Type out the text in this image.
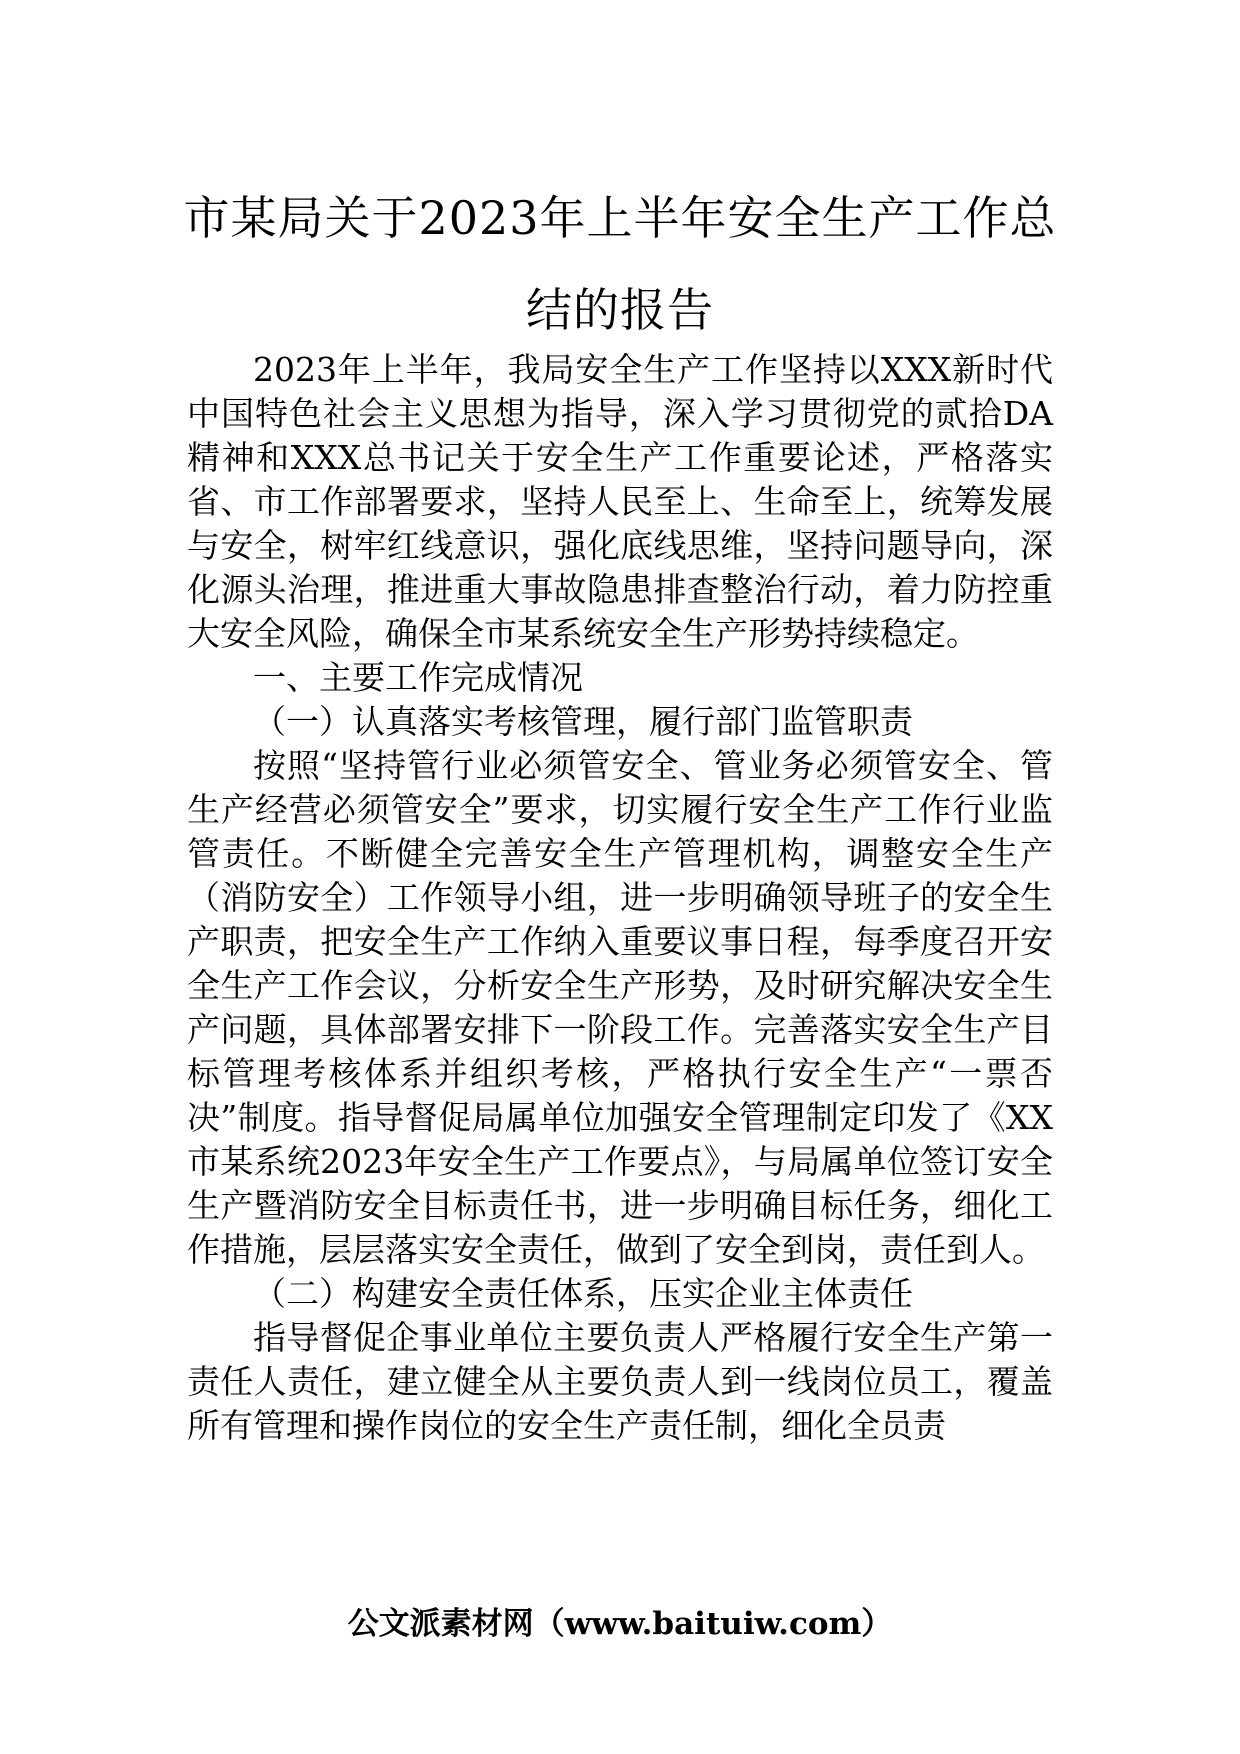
市某局关于2023年上半年安全生产工作总
结的报告

2023年上半年，我局安全生产工作坚持以XXX新时代中国特色社会主义思想为指导，深入学习贯彻党的贰拾DA精神和XXX总书记关于安全生产工作重要论述，严格落实省、市工作部署要求，坚持人民至上、生命至上，统筹发展与安全，树牢红线意识，强化底线思维，坚持问题导向，深化源头治理，推进重大事故隐患排查整治行动，着力防控重大安全风险，确保全市某系统安全生产形势持续稳定。

一、主要工作完成情况

（一）认真落实考核管理，履行部门监管职责

按照“坚持管行业必须管安全、管业务必须管安全、管生产经营必须管安全”要求，切实履行安全生产工作行业监管责任。不断健全完善安全生产管理机构，调整安全生产（消防安全）工作领导小组，进一步明确领导班子的安全生产职责，把安全生产工作纳入重要议事日程，每季度召开安全生产工作会议，分析安全生产形势，及时研究解决安全生产问题，具体部署安排下一阶段工作。完善落实安全生产目标管理考核体系并组织考核，严格执行安全生产“一票否决”制度。指导督促局属单位加强安全管理制定印发了《XX市某系统2023年安全生产工作要点》，与局属单位签订安全生产暨消防安全目标责任书，进一步明确目标任务，细化工作措施，层层落实安全责任，做到了安全到岗，责任到人。

（二）构建安全责任体系，压实企业主体责任

指导督促企事业单位主要负责人严格履行安全生产第一责任人责任，建立健全从主要负责人到一线岗位员工，覆盖所有管理和操作岗位的安全生产责任制，细化全员责

公文派素材网（www.baituiw.com）
